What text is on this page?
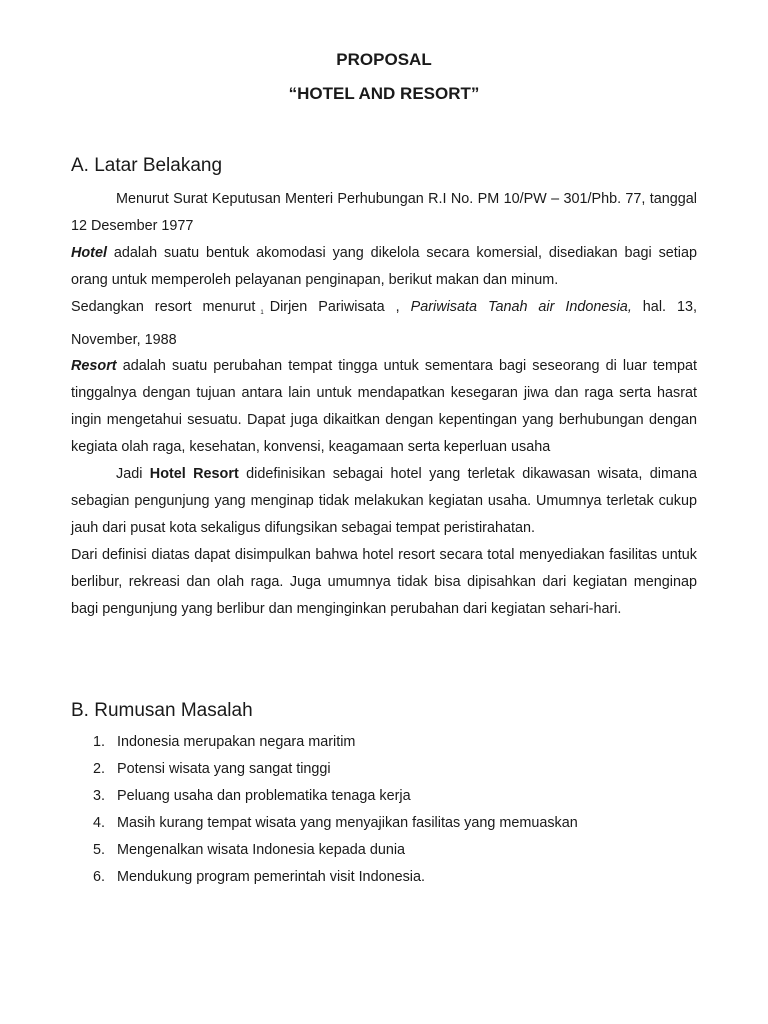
PROPOSAL
“HOTEL AND RESORT”
A. Latar Belakang

Menurut Surat Keputusan Menteri Perhubungan R.I No. PM 10/PW – 301/Phb. 77, tanggal 12 Desember 1977

Hotel adalah suatu bentuk akomodasi yang dikelola secara komersial, disediakan bagi setiap orang untuk memperoleh pelayanan penginapan, berikut makan dan minum.

Sedangkan resort menurut $_1$ Dirjen Pariwisata , Pariwisata Tanah air Indonesia, hal. 13, November, 1988

Resort adalah suatu perubahan tempat tingga untuk sementara bagi seseorang di luar tempat tinggalnya dengan tujuan antara lain untuk mendapatkan kesegaran jiwa dan raga serta hasrat ingin mengetahui sesuatu. Dapat juga dikaitkan dengan kepentingan yang berhubungan dengan kegiata olah raga, kesehatan, konvensi, keagamaan serta keperluan usaha

Jadi Hotel Resort didefinisikan sebagai hotel yang terletak dikawasan wisata, dimana sebagian pengunjung yang menginap tidak melakukan kegiatan usaha. Umumnya terletak cukup jauh dari pusat kota sekaligus difungsikan sebagai tempat peristirahatan.

Dari definisi diatas dapat disimpulkan bahwa hotel resort secara total menyediakan fasilitas untuk berlibur, rekreasi dan olah raga. Juga umumnya tidak bisa dipisahkan dari kegiatan menginap bagi pengunjung yang berlibur dan menginginkan perubahan dari kegiatan sehari-hari.

B. Rumusan Masalah
1. Indonesia merupakan negara maritim
2. Potensi wisata yang sangat tinggi
3. Peluang usaha dan problematika tenaga kerja
4. Masih kurang tempat wisata yang menyajikan fasilitas yang memuaskan
5. Mengenalkan wisata Indonesia kepada dunia
6. Mendukung program pemerintah visit Indonesia.
